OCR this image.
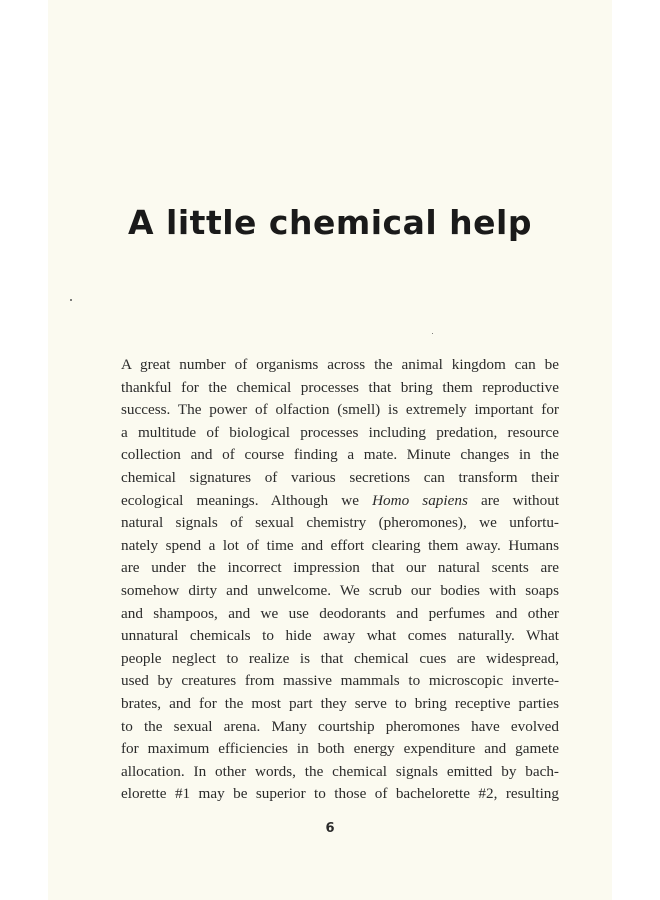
A little chemical help
A great number of organisms across the animal kingdom can be
thankful for the chemical processes that bring them reproductive
success. The power of olfaction (smell) is extremely important for
a multitude of biological processes including predation, resource
collection and of course finding a mate. Minute changes in the
chemical signatures of various secretions can transform their
ecological meanings. Although we Homo sapiens are without
natural signals of sexual chemistry (pheromones), we unfortu-
nately spend a lot of time and effort clearing them away. Humans
are under the incorrect impression that our natural scents are
somehow dirty and unwelcome. We scrub our bodies with soaps
and shampoos, and we use deodorants and perfumes and other
unnatural chemicals to hide away what comes naturally. What
people neglect to realize is that chemical cues are widespread,
used by creatures from massive mammals to microscopic inverte-
brates, and for the most part they serve to bring receptive parties
to the sexual arena. Many courtship pheromones have evolved
for maximum efficiencies in both energy expenditure and gamete
allocation. In other words, the chemical signals emitted by bach-
elorette #1 may be superior to those of bachelorette #2, resulting
6
